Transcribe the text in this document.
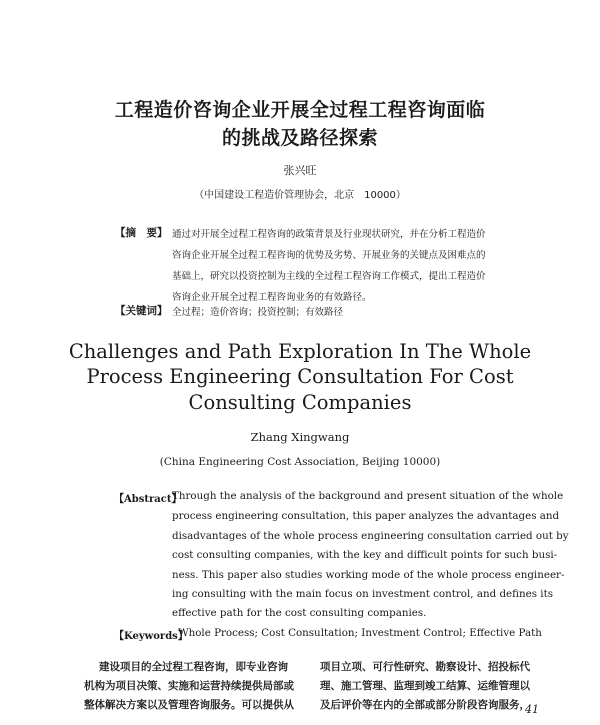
工程造价咨询企业开展全过程工程咨询面临
的挑战及路径探索
张兴旺
（中国建设工程造价管理协会，北京　10000）
【摘　要】 通过对开展全过程工程咨询的政策背景及行业现状研究，并在分析工程造价
咨询企业开展全过程工程咨询的优势及劣势、开展业务的关键点及困难点的
基础上，研究以投资控制为主线的全过程工程咨询工作模式，提出工程造价
咨询企业开展全过程工程咨询业务的有效路径。
【关键词】 全过程；造价咨询；投资控制；有效路径
Challenges and Path Exploration In The Whole
Process Engineering Consultation For Cost
Consulting Companies
Zhang Xingwang
(China Engineering Cost Association, Beijing 10000)
【Abstract】
Through the analysis of the background and present situation of the whole
process engineering consultation, this paper analyzes the advantages and
disadvantages of the whole process engineering consultation carried out by
cost consulting companies, with the key and difficult points for such busi-
ness. This paper also studies working mode of the whole process engineer-
ing consulting with the main focus on investment control, and defines its
effective path for the cost consulting companies.
【Keywords】
Whole Process; Cost Consultation; Investment Control; Effective Path
建设项目的全过程工程咨询，即专业咨询
机构为项目决策、实施和运营持续提供局部或
整体解决方案以及管理咨询服务。可以提供从
项目立项、可行性研究、勘察设计、招投标代
理、施工管理、监理到竣工结算、运维管理以
及后评价等在内的全部或部分阶段咨询服务，
41
